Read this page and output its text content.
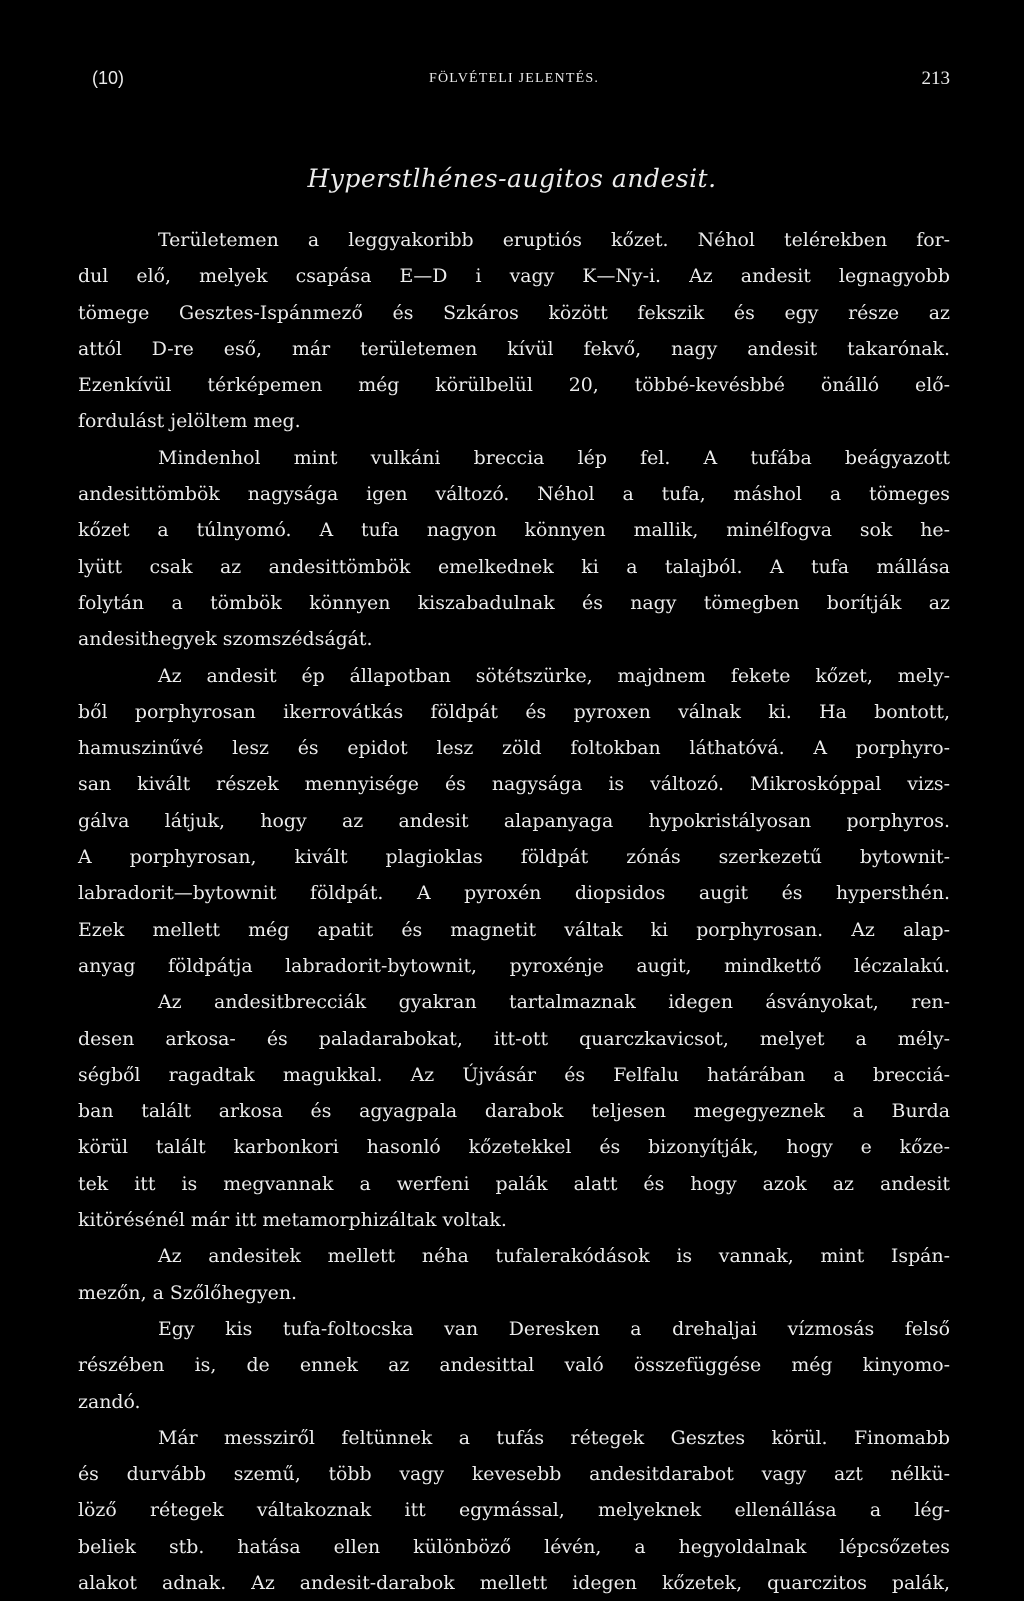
(10)	FÖLVÉTELI JELENTÉS.	213
Hyperstlhénes-augitos andesit.
Területemen a leggyakoribb eruptiós kőzet. Néhol telérekben for-
dul elő, melyek csapása E—D i vagy K—Ny-i. Az andesit legnagyobb
tömege Gesztes-Ispánmező és Szkáros között fekszik és egy része az
attól D-re eső, már területemen kívül fekvő, nagy andesit takarónak.
Ezenkívül térképemen még körülbelül 20, többé-kevésbbé önálló elő-
fordulást jelöltem meg.
Mindenhol mint vulkáni breccia lép fel. A tufába beágyazott
andesittömbök nagysága igen változó. Néhol a tufa, máshol a tömeges
kőzet a túlnyomó. A tufa nagyon könnyen mallik, minélfogva sok he-
lyütt csak az andesittömbök emelkednek ki a talajból. A tufa mállása
folytán a tömbök könnyen kiszabadulnak és nagy tömegben borítják az
andesithegyek szomszédságát.
Az andesit ép állapotban sötétszürke, majdnem fekete kőzet, mely-
ből porphyrosan ikerrovátkás földpát és pyroxen válnak ki. Ha bontott,
hamuszinűvé lesz és epidot lesz zöld foltokban láthatóvá. A porphyro-
san kivált részek mennyisége és nagysága is változó. Mikroskóppal vizs-
gálva látjuk, hogy az andesit alapanyaga hypokristályosan porphyros.
A porphyrosan, kivált plagioklas földpát zónás szerkezetű bytownit-
labradorit—bytownit földpát. A pyroxén diopsidos augit és hypersthén.
Ezek mellett még apatit és magnetit váltak ki porphyrosan. Az alap-
anyag földpátja labradorit-bytownit, pyroxénje augit, mindkettő léczalakú.
Az andesitbrecciák gyakran tartalmaznak idegen ásványokat, ren-
desen arkosa- és paladarabokat, itt-ott quarczkavicsot, melyet a mély-
ségből ragadtak magukkal. Az Újvásár és Felfalu határában a brecciá-
ban talált arkosa és agyagpala darabok teljesen megegyeznek a Burda
körül talált karbonkori hasonló kőzetekkel és bizonyítják, hogy e kőze-
tek itt is megvannak a werfeni palák alatt és hogy azok az andesit
kitörésénél már itt metamorphizáltak voltak.
Az andesitek mellett néha tufalerakódások is vannak, mint Ispán-
mezőn, a Szőlőhegyen.
Egy kis tufa-foltocska van Deresken a drehaljai vízmosás felső
részében is, de ennek az andesittal való összefüggése még kinyomo-
zandó.
Már messziről feltünnek a tufás rétegek Gesztes körül. Finomabb
és durvább szemű, több vagy kevesebb andesitdarabot vagy azt nélkü-
löző rétegek váltakoznak itt egymással, melyeknek ellenállása a lég-
beliek stb. hatása ellen különböző lévén, a hegyoldalnak lépcsőzetes
alakot adnak. Az andesit-darabok mellett idegen kőzetek, quarczitos palák,
